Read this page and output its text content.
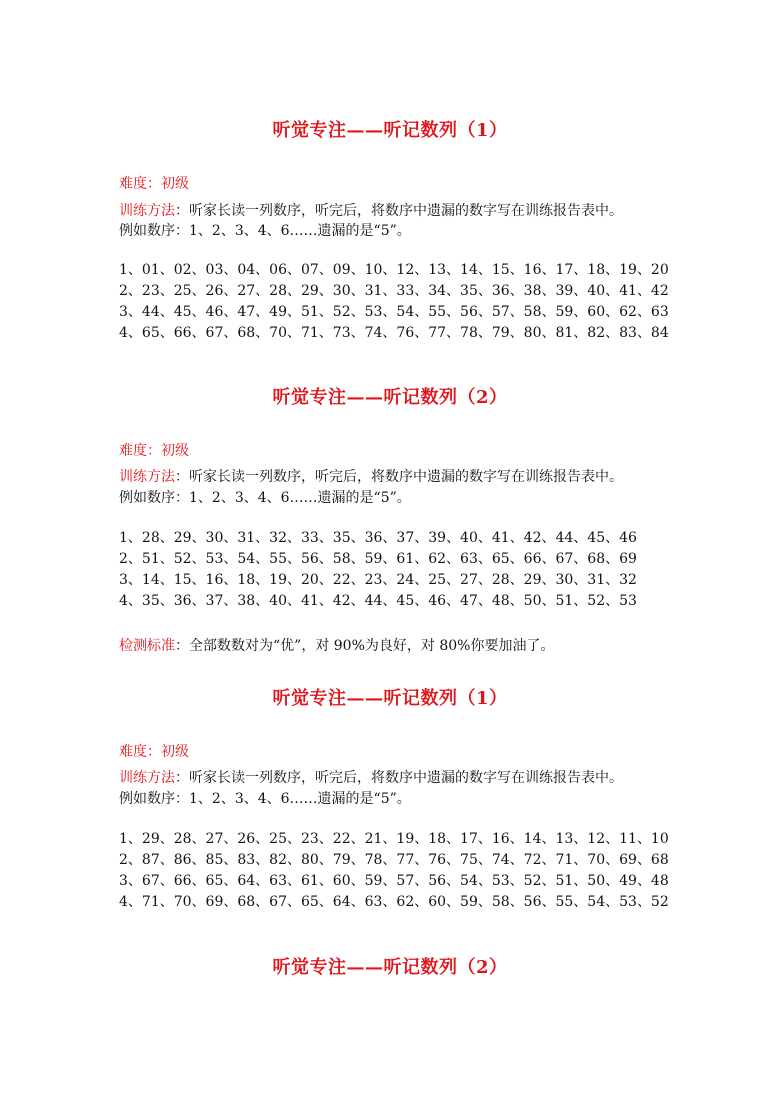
听觉专注——听记数列（1）
难度：初级
训练方法：听家长读一列数序，听完后，将数序中遗漏的数字写在训练报告表中。
例如数序：1、2、3、4、6……遗漏的是“5”。
1、01、02、03、04、06、07、09、10、12、13、14、15、16、17、18、19、20
2、23、25、26、27、28、29、30、31、33、34、35、36、38、39、40、41、42
3、44、45、46、47、49、51、52、53、54、55、56、57、58、59、60、62、63
4、65、66、67、68、70、71、73、74、76、77、78、79、80、81、82、83、84
听觉专注——听记数列（2）
难度：初级
训练方法：听家长读一列数序，听完后，将数序中遗漏的数字写在训练报告表中。
例如数序：1、2、3、4、6……遗漏的是“5”。
1、28、29、30、31、32、33、35、36、37、39、40、41、42、44、45、46
2、51、52、53、54、55、56、58、59、61、62、63、65、66、67、68、69
3、14、15、16、18、19、20、22、23、24、25、27、28、29、30、31、32
4、35、36、37、38、40、41、42、44、45、46、47、48、50、51、52、53
检测标准：全部数数对为“优”，对 90%为良好，对 80%你要加油了。
听觉专注——听记数列（1）
难度：初级
训练方法：听家长读一列数序，听完后，将数序中遗漏的数字写在训练报告表中。
例如数序：1、2、3、4、6……遗漏的是“5”。
1、29、28、27、26、25、23、22、21、19、18、17、16、14、13、12、11、10
2、87、86、85、83、82、80、79、78、77、76、75、74、72、71、70、69、68
3、67、66、65、64、63、61、60、59、57、56、54、53、52、51、50、49、48
4、71、70、69、68、67、65、64、63、62、60、59、58、56、55、54、53、52
听觉专注——听记数列（2）
